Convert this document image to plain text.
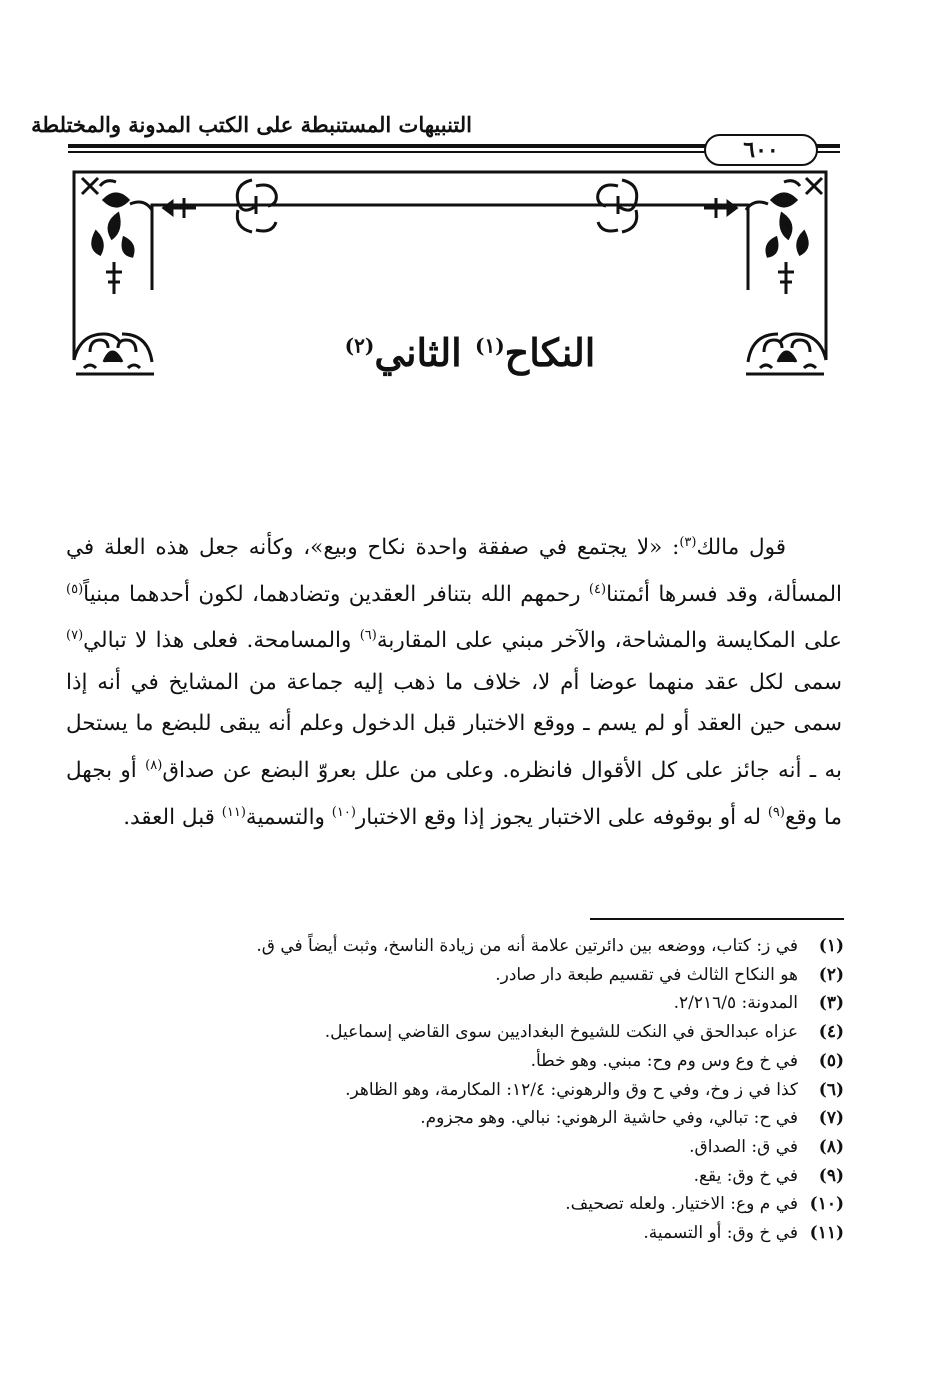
التنبيهات المستنبطة على الكتب المدونة والمختلطة
٦٠٠
النكاح$^{(١)}$ الثاني$^{(٢)}$

قول مالك$^{(٣)}$: «لا يجتمع في صفقة واحدة نكاح وبيع»، وكأنه جعل هذه العلة في المسألة، وقد فسرها أئمتنا$^{(٤)}$ رحمهم الله بتنافر العقدين وتضادهما، لكون أحدهما مبنياً$^{(٥)}$ على المكايسة والمشاحة، والآخر مبني على المقاربة$^{(٦)}$ والمسامحة. فعلى هذا لا تبالي$^{(٧)}$ سمى لكل عقد منهما عوضا أم لا، خلاف ما ذهب إليه جماعة من المشايخ في أنه إذا سمى حين العقد أو لم يسم ـ ووقع الاختبار قبل الدخول وعلم أنه يبقى للبضع ما يستحل به ـ أنه جائز على كل الأقوال فانظره. وعلى من علل بعروّ البضع عن صداق$^{(٨)}$ أو بجهل ما وقع$^{(٩)}$ له أو بوقوفه على الاختبار يجوز إذا وقع الاختبار$^{(١٠)}$ والتسمية$^{(١١)}$ قبل العقد.

(١)
في ز: كتاب، ووضعه بين دائرتين علامة أنه من زيادة الناسخ، وثبت أيضاً في ق.
(٢)
هو النكاح الثالث في تقسيم طبعة دار صادر.
(٣)
المدونة: ٢/٢١٦/٥.
(٤)
عزاه عبدالحق في النكت للشيوخ البغداديين سوى القاضي إسماعيل.
(٥)
في خ وع وس وم وح: مبني. وهو خطأ.
(٦)
كذا في ز وخ، وفي ح وق والرهوني: ١٢/٤: المكارمة، وهو الظاهر.
(٧)
في ح: تبالي، وفي حاشية الرهوني: نبالي. وهو مجزوم.
(٨)
في ق: الصداق.
(٩)
في خ وق: يقع.
(١٠)
في م وع: الاختيار. ولعله تصحيف.
(١١)
في خ وق: أو التسمية.
